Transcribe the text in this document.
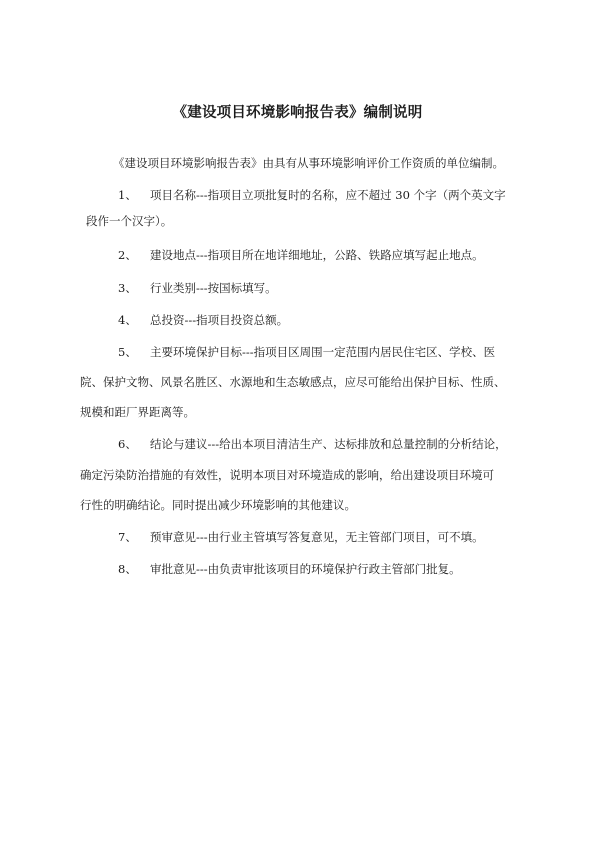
《建设项目环境影响报告表》编制说明
《建设项目环境影响报告表》由具有从事环境影响评价工作资质的单位编制。
1、 项目名称---指项目立项批复时的名称，应不超过 30 个字（两个英文字
段作一个汉字）。
2、 建设地点---指项目所在地详细地址，公路、铁路应填写起止地点。
3、 行业类别---按国标填写。
4、 总投资---指项目投资总额。
5、 主要环境保护目标---指项目区周围一定范围内居民住宅区、学校、医
院、保护文物、风景名胜区、水源地和生态敏感点，应尽可能给出保护目标、性质、
规模和距厂界距离等。
6、 结论与建议---给出本项目清洁生产、达标排放和总量控制的分析结论，
确定污染防治措施的有效性，说明本项目对环境造成的影响，给出建设项目环境可
行性的明确结论。同时提出减少环境影响的其他建议。
7、 预审意见---由行业主管填写答复意见，无主管部门项目，可不填。
8、 审批意见---由负责审批该项目的环境保护行政主管部门批复。
